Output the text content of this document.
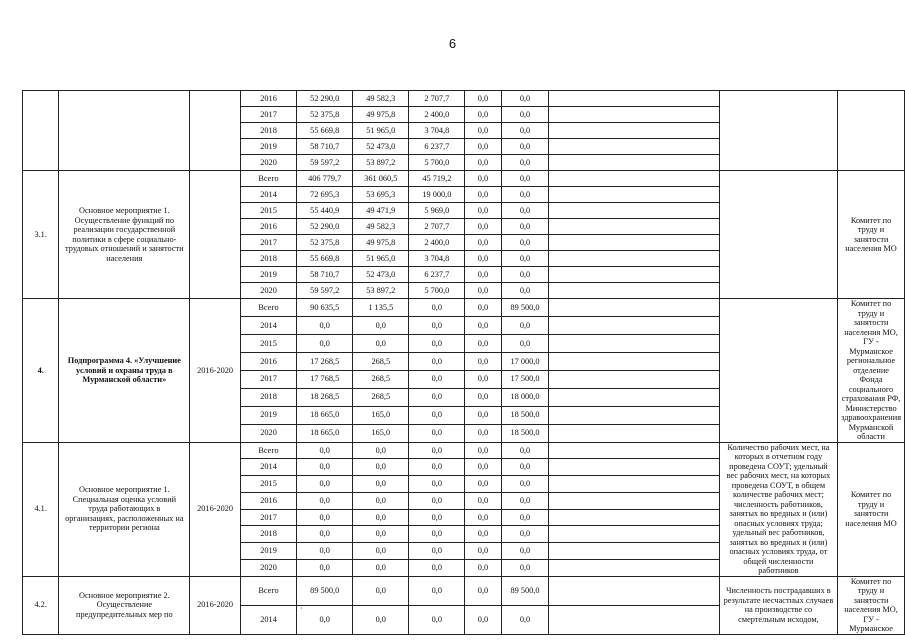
6
			2016	52 290,0	49 582,3	2 707,7	0,0	0,0			
			2017	52 375,8	49 975,8	2 400,0	0,0	0,0			
			2018	55 669,8	51 965,0	3 704,8	0,0	0,0			
			2019	58 710,7	52 473,0	6 237,7	0,0	0,0			
			2020	59 597,2	53 897,2	5 700,0	0,0	0,0			
3.1.	Основное мероприятие 1. Осуществление функций по реализации государственной политики в сфере социально-трудовых отношений и занятости населения		Всего	406 779,7	361 060,5	45 719,2	0,0	0,0			Комитет по труду и занятости населения МО
			2014	72 695,3	53 695,3	19 000,0	0,0	0,0			
			2015	55 440,9	49 471,9	5 969,0	0,0	0,0			
			2016	52 290,0	49 582,3	2 707,7	0,0	0,0			
			2017	52 375,8	49 975,8	2 400,0	0,0	0,0			
			2018	55 669,8	51 965,0	3 704,8	0,0	0,0			
			2019	58 710,7	52 473,0	6 237,7	0,0	0,0			
			2020	59 597,2	53 897,2	5 700,0	0,0	0,0			
4.	Подпрограмма 4. «Улучшение условий и охраны труда в Мурманской области»	2016-2020	Всего	90 635,5	1 135,5	0,0	0,0	89 500,0			Комитет по труду и занятости населения МО, ГУ - Мурманское региональное отделение Фонда социального страхования РФ, Министерство здравоохранения Мурманской области
			2014	0,0	0,0	0,0	0,0	0,0			
			2015	0,0	0,0	0,0	0,0	0,0			
			2016	17 268,5	268,5	0,0	0,0	17 000,0			
			2017	17 768,5	268,5	0,0	0,0	17 500,0			
			2018	18 268,5	268,5	0,0	0,0	18 000,0			
			2019	18 665,0	165,0	0,0	0,0	18 500,0			
			2020	18 665,0	165,0	0,0	0,0	18 500,0			
4.1.	Основное мероприятие 1. Специальная оценка условий труда работающих в организациях, расположенных на территории региона	2016-2020	Всего	0,0	0,0	0,0	0,0	0,0		Количество рабочих мест, на которых в отчетном году проведена СОУТ; удельный вес рабочих мест, на которых проведена СОУТ, в общем количестве рабочих мест; численность работников, занятых во вредных и (или) опасных условиях труда; удельный вес работников, занятых во вредных и (или) опасных условиях труда, от общей численности работников	Комитет по труду и занятости населения МО
			2014	0,0	0,0	0,0	0,0	0,0			
			2015	0,0	0,0	0,0	0,0	0,0			
			2016	0,0	0,0	0,0	0,0	0,0			
			2017	0,0	0,0	0,0	0,0	0,0			
			2018	0,0	0,0	0,0	0,0	0,0			
			2019	0,0	0,0	0,0	0,0	0,0			
			2020	0,0	0,0	0,0	0,0	0,0			
4.2.	Основное мероприятие 2. Осуществление предупредительных мер по	2016-2020	Всего	89 500,0	0,0	0,0	0,0	89 500,0		Численность пострадавших в результате несчастных случаев на производстве со смертельным исходом,	Комитет по труду и занятости населения МО, ГУ - Мурманское
			2014	0,0	0,0	0,0	0,0	0,0			
·
